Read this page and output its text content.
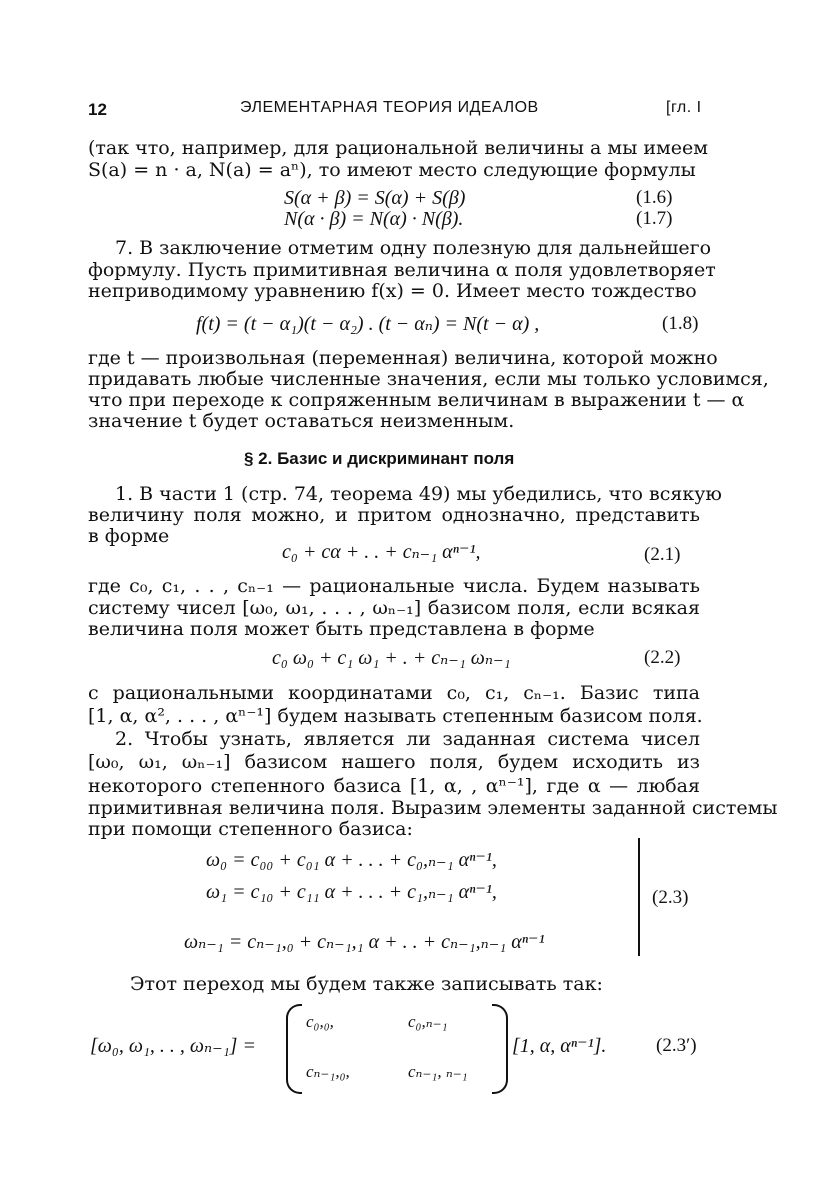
12	ЭЛЕМЕНТАРНАЯ ТЕОРИЯ ИДЕАЛОВ	[гл. I
(так что, например, для рациональной величины a мы имеем
S(a) = n · a, N(a) = aⁿ), то имеют место следующие формулы
S(α + β) = S(α) + S(β)	(1.6)
N(α · β) = N(α) · N(β).	(1.7)
7. В заключение отметим одну полезную для дальнейшего
формулу. Пусть примитивная величина α поля удовлетворяет
неприводимому уравнению f(x) = 0. Имеет место тождество
f(t) = (t − α₁)(t − α₂) . (t − αₙ) = N(t − α) ,	(1.8)
где t — произвольная (переменная) величина, которой можно
придавать любые численные значения, если мы только условимся,
что при переходе к сопряженным величинам в выражении t — α
значение t будет оставаться неизменным.
§ 2. Базис и дискриминант поля
1. В части 1 (стр. 74, теорема 49) мы убедились, что всякую
величину поля можно, и притом однозначно, представить
в форме
c₀ + cα + . . + cₙ₋₁ αⁿ⁻¹,	(2.1)
где c₀, c₁, . . , cₙ₋₁ — рациональные числа. Будем называть
систему чисел [ω₀, ω₁, . . . , ωₙ₋₁] базисом поля, если всякая
величина поля может быть представлена в форме
c₀ ω₀ + c₁ ω₁ + . + cₙ₋₁ ωₙ₋₁	(2.2)
с рациональными координатами c₀, c₁, cₙ₋₁. Базис типа
[1, α, α², . . . , αⁿ⁻¹] будем называть степенным базисом поля.
2. Чтобы узнать, является ли заданная система чисел
[ω₀, ω₁, ωₙ₋₁] базисом нашего поля, будем исходить из
некоторого степенного базиса [1, α, , αⁿ⁻¹], где α — любая
примитивная величина поля. Выразим элементы заданной системы
при помощи степенного базиса:
ω₀ = c₀₀ + c₀₁ α + . . . + c₀,ₙ₋₁ αⁿ⁻¹,
ω₁ = c₁₀ + c₁₁ α + . . . + c₁,ₙ₋₁ αⁿ⁻¹,
ωₙ₋₁ = cₙ₋₁,₀ + cₙ₋₁,₁ α + . . + cₙ₋₁,ₙ₋₁ αⁿ⁻¹
(2.3)
Этот переход мы будем также записывать так:
[ω₀, ω₁, . . , ωₙ₋₁] =
c₀,₀,	c₀,ₙ₋₁
cₙ₋₁,₀,	cₙ₋₁, ₙ₋₁
[1, α, αⁿ⁻¹].	(2.3′)
